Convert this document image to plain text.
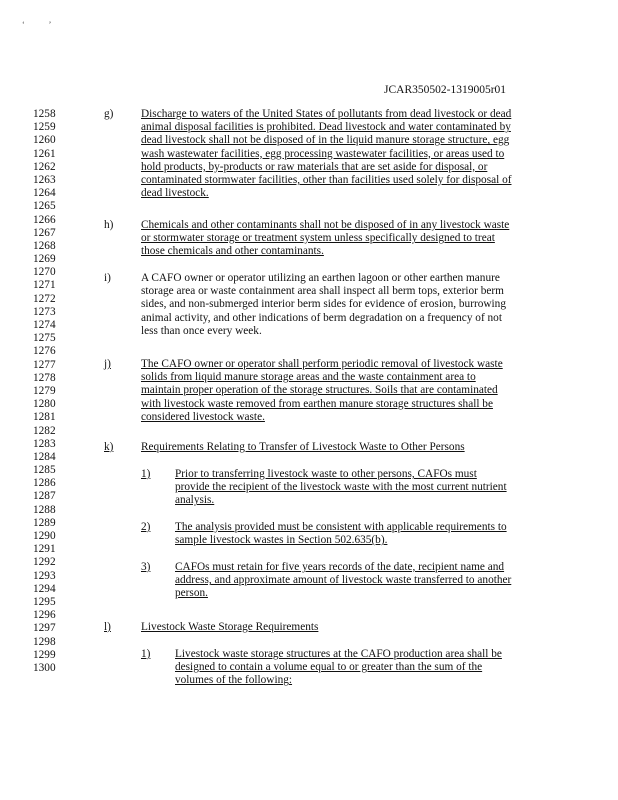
‘            ’
JCAR350502-1319005r01
1258
1259
1260
1261
1262
1263
1264
1265
1266
1267
1268
1269
1270
1271
1272
1273
1274
1275
1276
1277
1278
1279
1280
1281
1282
1283
1284
1285
1286
1287
1288
1289
1290
1291
1292
1293
1294
1295
1296
1297
1298
1299
1300
g) Discharge to waters of the United States of pollutants from dead livestock or dead
animal disposal facilities is prohibited. Dead livestock and water contaminated by
dead livestock shall not be disposed of in the liquid manure storage structure, egg
wash wastewater facilities, egg processing wastewater facilities, or areas used to
hold products, by-products or raw materials that are set aside for disposal, or
contaminated stormwater facilities, other than facilities used solely for disposal of
dead livestock.
h) Chemicals and other contaminants shall not be disposed of in any livestock waste
or stormwater storage or treatment system unless specifically designed to treat
those chemicals and other contaminants.
i)	A CAFO owner or operator utilizing an earthen lagoon or other earthen manure
storage area or waste containment area shall inspect all berm tops, exterior berm
sides, and non-submerged interior berm sides for evidence of erosion, burrowing
animal activity, and other indications of berm degradation on a frequency of not
less than once every week.
j)	The CAFO owner or operator shall perform periodic removal of livestock waste
solids from liquid manure storage areas and the waste containment area to
maintain proper operation of the storage structures. Soils that are contaminated
with livestock waste removed from earthen manure storage structures shall be
considered livestock waste.
k) Requirements Relating to Transfer of Livestock Waste to Other Persons
1) Prior to transferring livestock waste to other persons, CAFOs must
provide the recipient of the livestock waste with the most current nutrient
analysis.
2) The analysis provided must be consistent with applicable requirements to
sample livestock wastes in Section 502.635(b).
3) CAFOs must retain for five years records of the date, recipient name and
address, and approximate amount of livestock waste transferred to another
person.
l)	Livestock Waste Storage Requirements
1) Livestock waste storage structures at the CAFO production area shall be
designed to contain a volume equal to or greater than the sum of the
volumes of the following:
